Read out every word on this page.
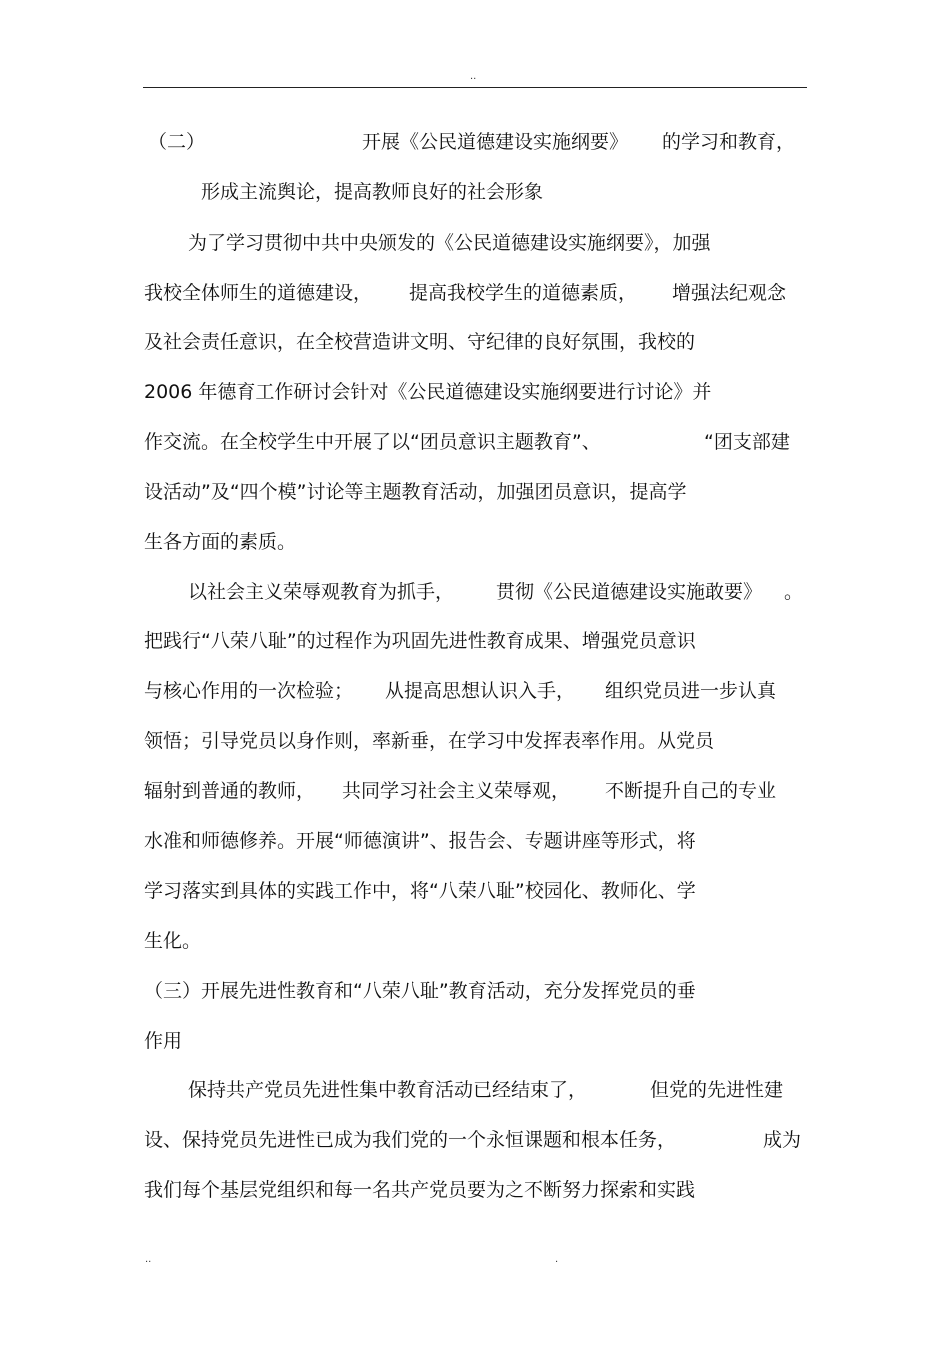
..
（二）	开展《公民道德建设实施纲要》 的学习和教育，
形成主流舆论，提高教师良好的社会形象
为了学习贯彻中共中央颁发的《公民道德建设实施纲要》，加强
我校全体师生的道德建设， 提高我校学生的道德素质， 增强法纪观念
及社会责任意识，在全校营造讲文明、守纪律的良好氛围，我校的
2006 年德育工作研讨会针对《公民道德建设实施纲要进行讨论》并
作交流。在全校学生中开展了以“团员意识主题教育”、	“团支部建
设活动”及“四个模”讨论等主题教育活动，加强团员意识，提高学
生各方面的素质。
以社会主义荣辱观教育为抓手， 贯彻《公民道德建设实施敢要》 。
把践行“八荣八耻”的过程作为巩固先进性教育成果、增强党员意识
与核心作用的一次检验； 从提高思想认识入手， 组织党员进一步认真
领悟；引导党员以身作则，率新垂，在学习中发挥表率作用。从党员
辐射到普通的教师， 共同学习社会主义荣辱观， 不断提升自己的专业
水准和师德修养。开展“师德演讲”、报告会、专题讲座等形式，将
学习落实到具体的实践工作中，将“八荣八耻”校园化、教师化、学
生化。
（三）开展先进性教育和“八荣八耻”教育活动，充分发挥党员的垂
作用
保持共产党员先进性集中教育活动已经结束了，	但党的先进性建
设、保持党员先进性已成为我们党的一个永恒课题和根本任务，	成为
我们每个基层党组织和每一名共产党员要为之不断努力探索和实践
..	.
